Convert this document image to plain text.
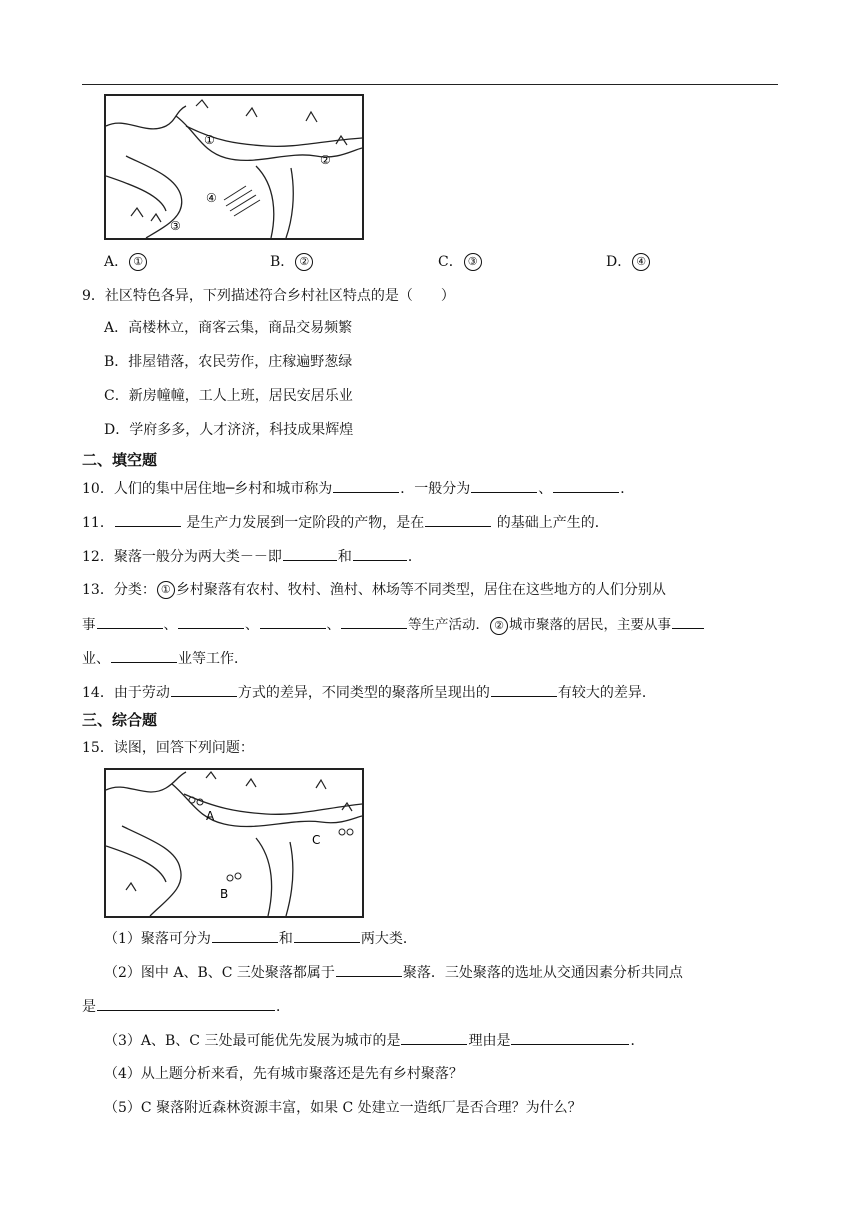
①
②
③
④
A． ①	B． ②	C． ③	D． ④
9．社区特色各异，下列描述符合乡村社区特点的是（　　）
A．高楼林立，商客云集，商品交易频繁
B．排屋错落，农民劳作，庄稼遍野葱绿
C．新房幢幢，工人上班，居民安居乐业
D．学府多多，人才济济，科技成果辉煌
二、填空题
10．人们的集中居住地─乡村和城市称为	．一般分为	、	．
11．	是生产力发展到一定阶段的产物，是在	的基础上产生的．
12．聚落一般分为两大类－－即	和	．
13．分类： ① 乡村聚落有农村、牧村、渔村、林场等不同类型，居住在这些地方的人们分别从
事	、	、	、	等生产活动． ② 城市聚落的居民，主要从事
业、	业等工作．
14．由于劳动	方式的差异，不同类型的聚落所呈现出的	有较大的差异．
三、综合题
15．读图，回答下列问题：
A
B
C
（1）聚落可分为	和	两大类．
（2）图中 A、B、C 三处聚落都属于	聚落．三处聚落的选址从交通因素分析共同点
是	．
（3）A、B、C 三处最可能优先发展为城市的是	理由是	．
（4）从上题分析来看，先有城市聚落还是先有乡村聚落？
（5）C 聚落附近森林资源丰富，如果 C 处建立一造纸厂是否合理？为什么？
